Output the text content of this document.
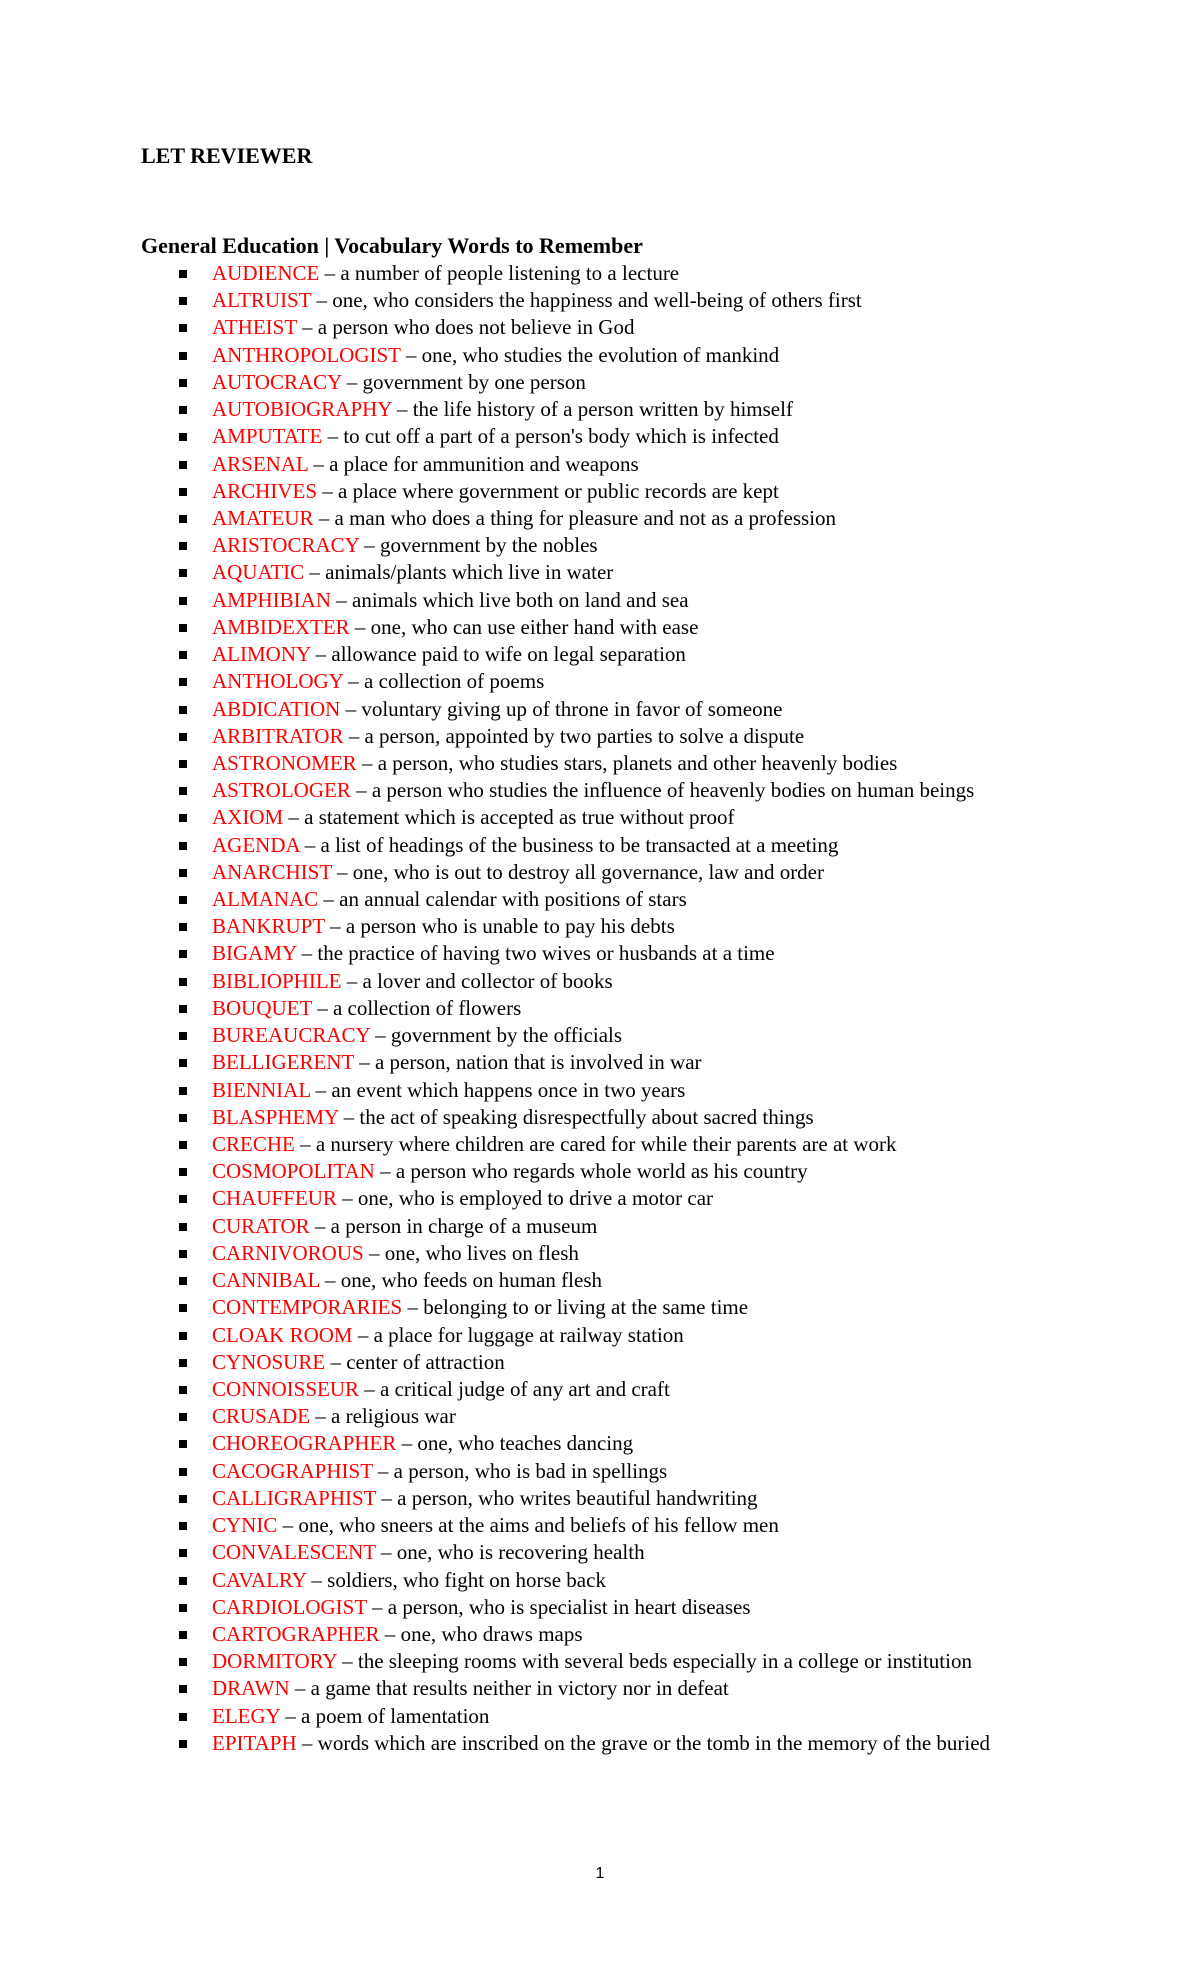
LET REVIEWER
General Education | Vocabulary Words to Remember
AUDIENCE – a number of people listening to a lecture
ALTRUIST – one, who considers the happiness and well-being of others first
ATHEIST – a person who does not believe in God
ANTHROPOLOGIST – one, who studies the evolution of mankind
AUTOCRACY – government by one person
AUTOBIOGRAPHY – the life history of a person written by himself
AMPUTATE – to cut off a part of a person's body which is infected
ARSENAL – a place for ammunition and weapons
ARCHIVES – a place where government or public records are kept
AMATEUR – a man who does a thing for pleasure and not as a profession
ARISTOCRACY – government by the nobles
AQUATIC – animals/plants which live in water
AMPHIBIAN – animals which live both on land and sea
AMBIDEXTER – one, who can use either hand with ease
ALIMONY – allowance paid to wife on legal separation
ANTHOLOGY – a collection of poems
ABDICATION – voluntary giving up of throne in favor of someone
ARBITRATOR – a person, appointed by two parties to solve a dispute
ASTRONOMER – a person, who studies stars, planets and other heavenly bodies
ASTROLOGER – a person who studies the influence of heavenly bodies on human beings
AXIOM – a statement which is accepted as true without proof
AGENDA – a list of headings of the business to be transacted at a meeting
ANARCHIST – one, who is out to destroy all governance, law and order
ALMANAC – an annual calendar with positions of stars
BANKRUPT – a person who is unable to pay his debts
BIGAMY – the practice of having two wives or husbands at a time
BIBLIOPHILE – a lover and collector of books
BOUQUET – a collection of flowers
BUREAUCRACY – government by the officials
BELLIGERENT – a person, nation that is involved in war
BIENNIAL – an event which happens once in two years
BLASPHEMY – the act of speaking disrespectfully about sacred things
CRECHE – a nursery where children are cared for while their parents are at work
COSMOPOLITAN – a person who regards whole world as his country
CHAUFFEUR – one, who is employed to drive a motor car
CURATOR – a person in charge of a museum
CARNIVOROUS – one, who lives on flesh
CANNIBAL – one, who feeds on human flesh
CONTEMPORARIES – belonging to or living at the same time
CLOAK ROOM – a place for luggage at railway station
CYNOSURE – center of attraction
CONNOISSEUR – a critical judge of any art and craft
CRUSADE – a religious war
CHOREOGRAPHER – one, who teaches dancing
CACOGRAPHIST – a person, who is bad in spellings
CALLIGRAPHIST – a person, who writes beautiful handwriting
CYNIC – one, who sneers at the aims and beliefs of his fellow men
CONVALESCENT – one, who is recovering health
CAVALRY – soldiers, who fight on horse back
CARDIOLOGIST – a person, who is specialist in heart diseases
CARTOGRAPHER – one, who draws maps
DORMITORY – the sleeping rooms with several beds especially in a college or institution
DRAWN – a game that results neither in victory nor in defeat
ELEGY – a poem of lamentation
EPITAPH – words which are inscribed on the grave or the tomb in the memory of the buried
1
